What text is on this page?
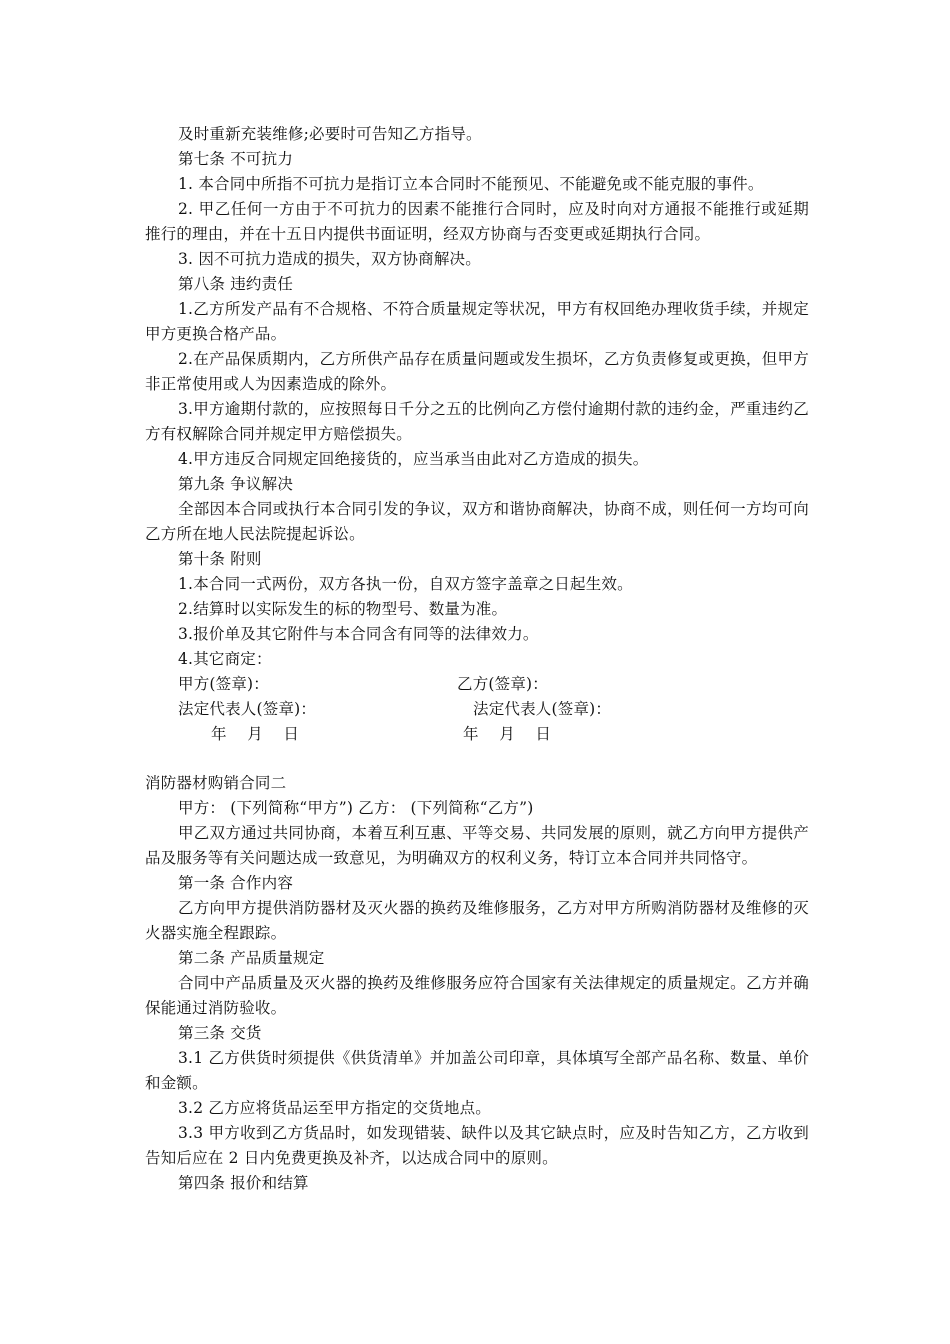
及时重新充装维修;必要时可告知乙方指导。

第七条 不可抗力

1. 本合同中所指不可抗力是指订立本合同时不能预见、不能避免或不能克服的事件。

2. 甲乙任何一方由于不可抗力的因素不能推行合同时，应及时向对方通报不能推行或延期推行的理由，并在十五日内提供书面证明，经双方协商与否变更或延期执行合同。

3. 因不可抗力造成的损失，双方协商解决。

第八条 违约责任

1.乙方所发产品有不合规格、不符合质量规定等状况，甲方有权回绝办理收货手续，并规定甲方更换合格产品。

2.在产品保质期内，乙方所供产品存在质量问题或发生损坏，乙方负责修复或更换，但甲方非正常使用或人为因素造成的除外。

3.甲方逾期付款的，应按照每日千分之五的比例向乙方偿付逾期付款的违约金，严重违约乙方有权解除合同并规定甲方赔偿损失。

4.甲方违反合同规定回绝接货的，应当承当由此对乙方造成的损失。

第九条 争议解决

全部因本合同或执行本合同引发的争议，双方和谐协商解决，协商不成，则任何一方均可向乙方所在地人民法院提起诉讼。

第十条 附则

1.本合同一式两份，双方各执一份，自双方签字盖章之日起生效。

2.结算时以实际发生的标的物型号、数量为准。

3.报价单及其它附件与本合同含有同等的法律效力。

4.其它商定：

甲方(签章)：	乙方(签章)：
法定代表人(签章)：	法定代表人(签章)：
年    月    日	年    月    日

消防器材购销合同二

甲方： (下列简称“甲方”) 乙方： (下列简称“乙方”)

甲乙双方通过共同协商，本着互利互惠、平等交易、共同发展的原则，就乙方向甲方提供产品及服务等有关问题达成一致意见，为明确双方的权利义务，特订立本合同并共同恪守。

第一条 合作内容

乙方向甲方提供消防器材及灭火器的换药及维修服务，乙方对甲方所购消防器材及维修的灭火器实施全程跟踪。

第二条 产品质量规定

合同中产品质量及灭火器的换药及维修服务应符合国家有关法律规定的质量规定。乙方并确保能通过消防验收。

第三条 交货

3.1 乙方供货时须提供《供货清单》并加盖公司印章，具体填写全部产品名称、数量、单价和金额。

3.2 乙方应将货品运至甲方指定的交货地点。

3.3 甲方收到乙方货品时，如发现错装、缺件以及其它缺点时，应及时告知乙方，乙方收到告知后应在 2 日内免费更换及补齐，以达成合同中的原则。

第四条 报价和结算
